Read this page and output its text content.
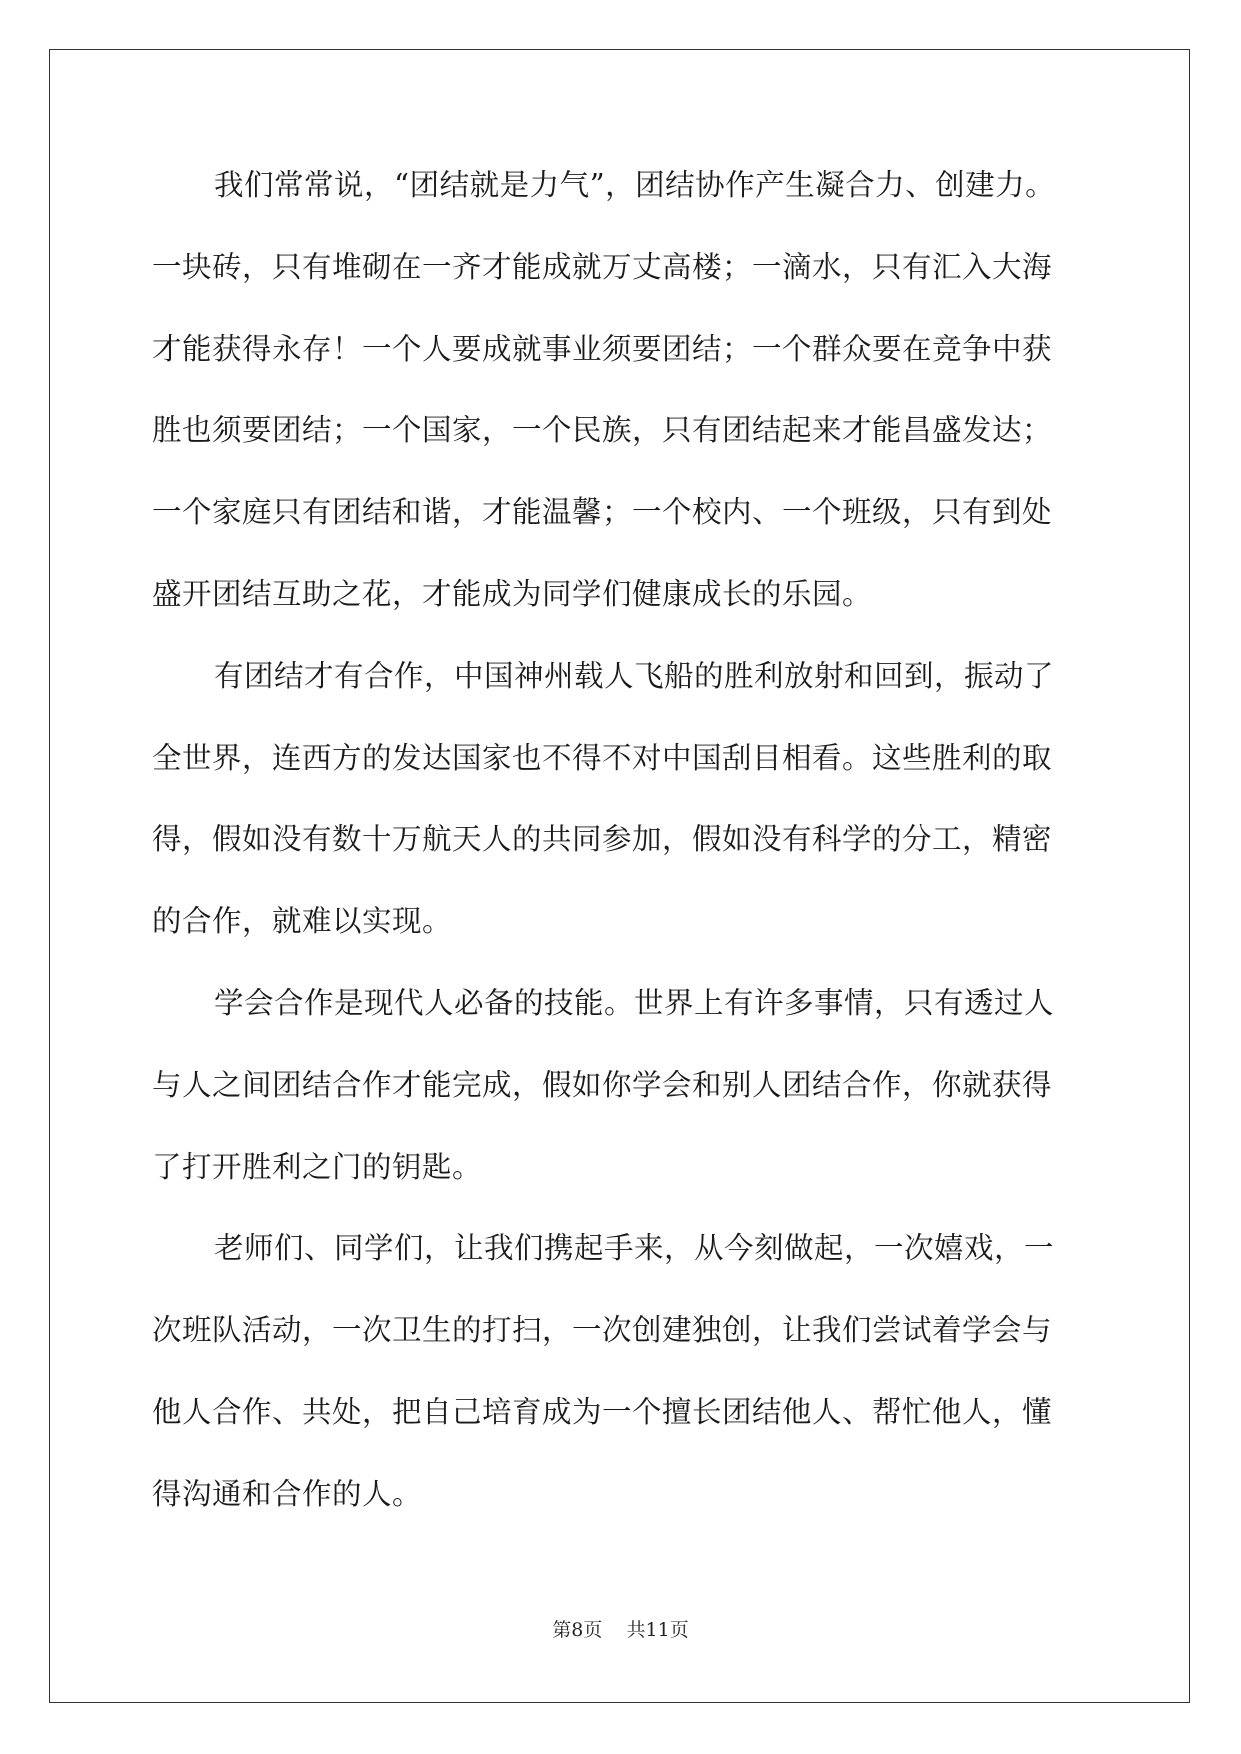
我们常常说，“团结就是力气”，团结协作产生凝合力、创建力。
一块砖，只有堆砌在一齐才能成就万丈高楼；一滴水，只有汇入大海
才能获得永存！一个人要成就事业须要团结；一个群众要在竞争中获
胜也须要团结；一个国家，一个民族，只有团结起来才能昌盛发达；
一个家庭只有团结和谐，才能温馨；一个校内、一个班级，只有到处
盛开团结互助之花，才能成为同学们健康成长的乐园。
有团结才有合作，中国神州载人飞船的胜利放射和回到，振动了
全世界，连西方的发达国家也不得不对中国刮目相看。这些胜利的取
得，假如没有数十万航天人的共同参加，假如没有科学的分工，精密
的合作，就难以实现。
学会合作是现代人必备的技能。世界上有许多事情，只有透过人
与人之间团结合作才能完成，假如你学会和别人团结合作，你就获得
了打开胜利之门的钥匙。
老师们、同学们，让我们携起手来，从今刻做起，一次嬉戏，一
次班队活动，一次卫生的打扫，一次创建独创，让我们尝试着学会与
他人合作、共处，把自己培育成为一个擅长团结他人、帮忙他人，懂
得沟通和合作的人。
第8页 共11页
